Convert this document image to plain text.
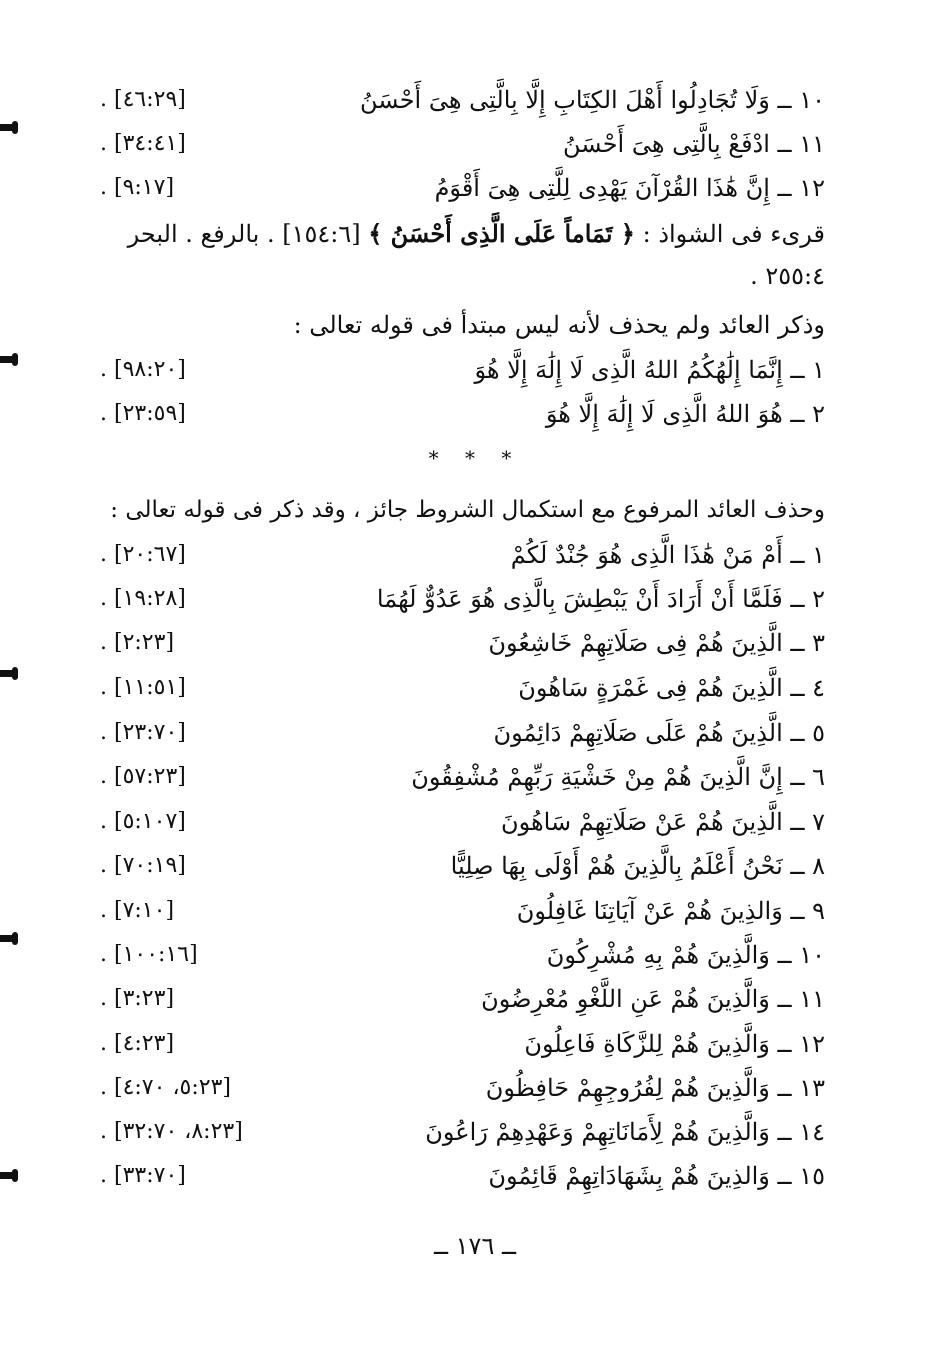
١٠ ــ وَلَا تُجَادِلُوا أَهْلَ الكِتَابِ إِلَّا بِالَّتِى هِىَ أَحْسَنُ
[٤٦:٢٩] .
١١ ــ ادْفَعْ بِالَّتِى هِىَ أَحْسَنُ
[٣٤:٤١] .
١٢ ــ إِنَّ هَٰذَا القُرْآنَ يَهْدِى لِلَّتِى هِىَ أَقْوَمُ
[٩:١٧] .
قرىء فى الشواذ : ﴿ تَمَاماً عَلَى الَّذِى أَحْسَنُ ﴾ [١٥٤:٦] . بالرفع . البحر
٢٥٥:٤ .
وذكر العائد ولم يحذف لأنه ليس مبتدأ فى قوله تعالى :
١ ــ إِنَّمَا إِلَٰهُكُمُ اللهُ الَّذِى لَا إِلَٰهَ إِلَّا هُوَ
[٩٨:٢٠] .
٢ ــ هُوَ اللهُ الَّذِى لَا إِلَٰهَ إِلَّا هُوَ
[٢٣:٥٩] .
* * *
وحذف العائد المرفوع مع استكمال الشروط جائز ، وقد ذكر فى قوله تعالى :
١ ــ أَمْ مَنْ هَٰذَا الَّذِى هُوَ جُنْدٌ لَكُمْ
[٢٠:٦٧] .
٢ ــ فَلَمَّا أَنْ أَرَادَ أَنْ يَبْطِشَ بِالَّذِى هُوَ عَدُوٌّ لَهُمَا
[١٩:٢٨] .
٣ ــ الَّذِينَ هُمْ فِى صَلَاتِهِمْ خَاشِعُونَ
[٢:٢٣] .
٤ ــ الَّذِينَ هُمْ فِى غَمْرَةٍ سَاهُونَ
[١١:٥١] .
٥ ــ الَّذِينَ هُمْ عَلَى صَلَاتِهِمْ دَائِمُونَ
[٢٣:٧٠] .
٦ ــ إِنَّ الَّذِينَ هُمْ مِنْ خَشْيَةِ رَبِّهِمْ مُشْفِقُونَ
[٥٧:٢٣] .
٧ ــ الَّذِينَ هُمْ عَنْ صَلَاتِهِمْ سَاهُونَ
[٥:١٠٧] .
٨ ــ نَحْنُ أَعْلَمُ بِالَّذِينَ هُمْ أَوْلَى بِهَا صِلِيًّا
[٧٠:١٩] .
٩ ــ وَالذِينَ هُمْ عَنْ آيَاتِنَا غَافِلُونَ
[٧:١٠] .
١٠ ــ وَالَّذِينَ هُمْ بِهِ مُشْرِكُونَ
[١٠٠:١٦] .
١١ ــ وَالَّذِينَ هُمْ عَنِ اللَّغْوِ مُعْرِضُونَ
[٣:٢٣] .
١٢ ــ وَالَّذِينَ هُمْ لِلزَّكَاةِ فَاعِلُونَ
[٤:٢٣] .
١٣ ــ وَالَّذِينَ هُمْ لِفُرُوجِهِمْ حَافِظُونَ
[٥:٢٣، ٤:٧٠] .
١٤ ــ وَالَّذِينَ هُمْ لِأَمَانَاتِهِمْ وَعَهْدِهِمْ رَاعُونَ
[٨:٢٣، ٣٢:٧٠] .
١٥ ــ وَالذِينَ هُمْ بِشَهَادَاتِهِمْ قَائِمُونَ
[٣٣:٧٠] .
ــ ١٧٦ ــ
